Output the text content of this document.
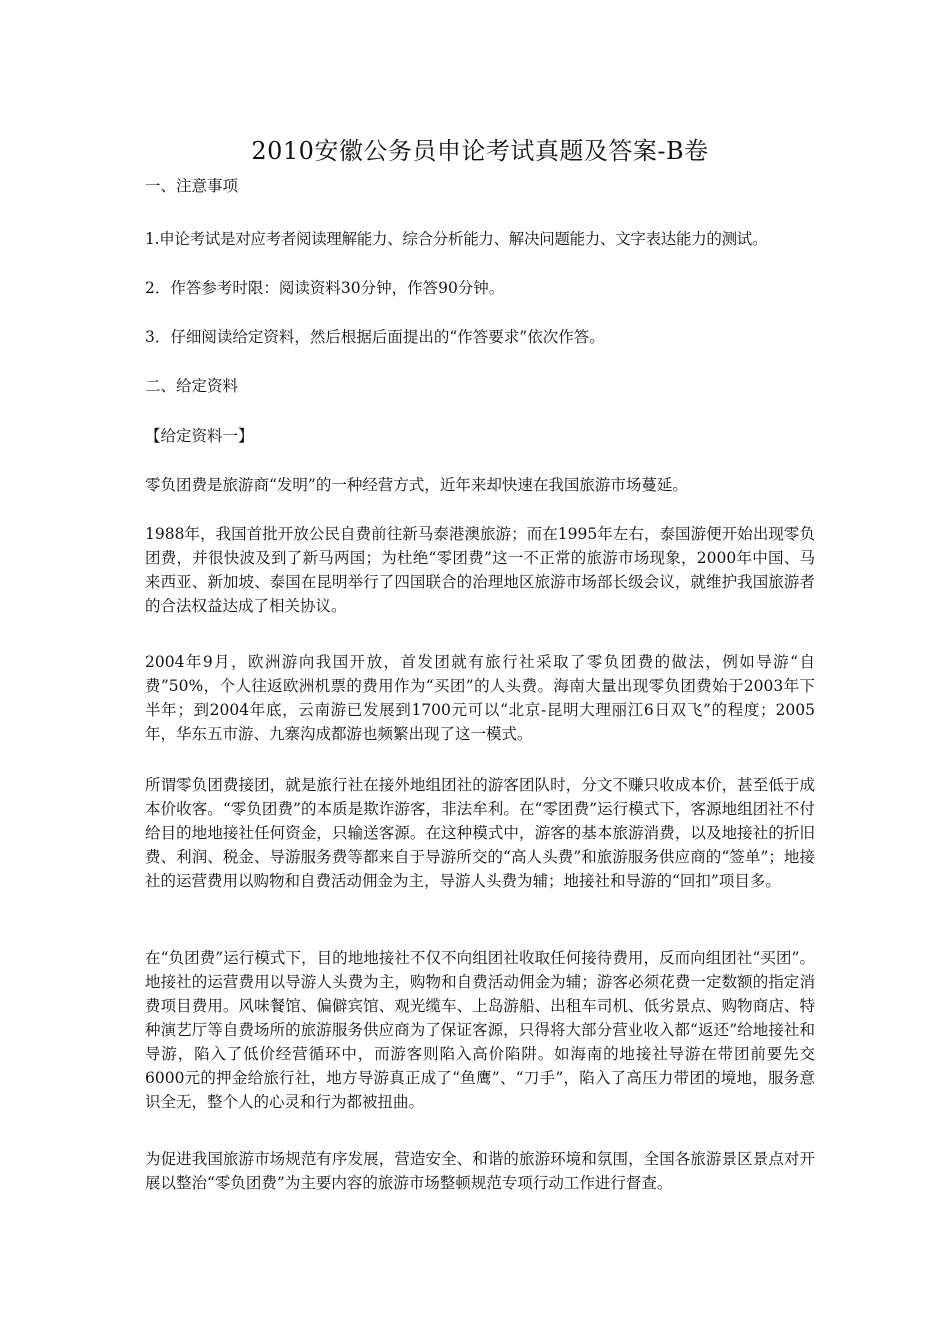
2010安徽公务员申论考试真题及答案-B卷

一、注意事项

1.申论考试是对应考者阅读理解能力、综合分析能力、解决问题能力、文字表达能力的测试。

2．作答参考时限：阅读资料30分钟，作答90分钟。

3．仔细阅读给定资料，然后根据后面提出的“作答要求”依次作答。

二、给定资料

【给定资料一】

零负团费是旅游商“发明”的一种经营方式，近年来却快速在我国旅游市场蔓延。

1988年，我国首批开放公民自费前往新马泰港澳旅游；而在1995年左右，泰国游便开始出现零负团费，并很快波及到了新马两国；为杜绝“零团费”这一不正常的旅游市场现象，2000年中国、马来西亚、新加坡、泰国在昆明举行了四国联合的治理地区旅游市场部长级会议，就维护我国旅游者的合法权益达成了相关协议。

2004年9月，欧洲游向我国开放，首发团就有旅行社采取了零负团费的做法，例如导游“自费”50%，个人往返欧洲机票的费用作为“买团”的人头费。海南大量出现零负团费始于2003年下半年；到2004年底，云南游已发展到1700元可以“北京-昆明大理丽江6日双飞”的程度；2005年，华东五市游、九寨沟成都游也频繁出现了这一模式。

所谓零负团费接团，就是旅行社在接外地组团社的游客团队时，分文不赚只收成本价，甚至低于成本价收客。“零负团费”的本质是欺诈游客，非法牟利。在“零团费”运行模式下，客源地组团社不付给目的地地接社任何资金，只输送客源。在这种模式中，游客的基本旅游消费，以及地接社的折旧费、利润、税金、导游服务费等都来自于导游所交的“高人头费”和旅游服务供应商的“签单”；地接社的运营费用以购物和自费活动佣金为主，导游人头费为辅；地接社和导游的“回扣”项目多。

在“负团费”运行模式下，目的地地接社不仅不向组团社收取任何接待费用，反而向组团社“买团”。地接社的运营费用以导游人头费为主，购物和自费活动佣金为辅；游客必须花费一定数额的指定消费项目费用。风味餐馆、偏僻宾馆、观光缆车、上岛游船、出租车司机、低劣景点、购物商店、特种演艺厅等自费场所的旅游服务供应商为了保证客源，只得将大部分营业收入都“返还”给地接社和导游，陷入了低价经营循环中，而游客则陷入高价陷阱。如海南的地接社导游在带团前要先交6000元的押金给旅行社，地方导游真正成了“鱼鹰”、“刀手”，陷入了高压力带团的境地，服务意识全无，整个人的心灵和行为都被扭曲。

为促进我国旅游市场规范有序发展，营造安全、和谐的旅游环境和氛围，全国各旅游景区景点对开展以整治“零负团费”为主要内容的旅游市场整顿规范专项行动工作进行督查。
